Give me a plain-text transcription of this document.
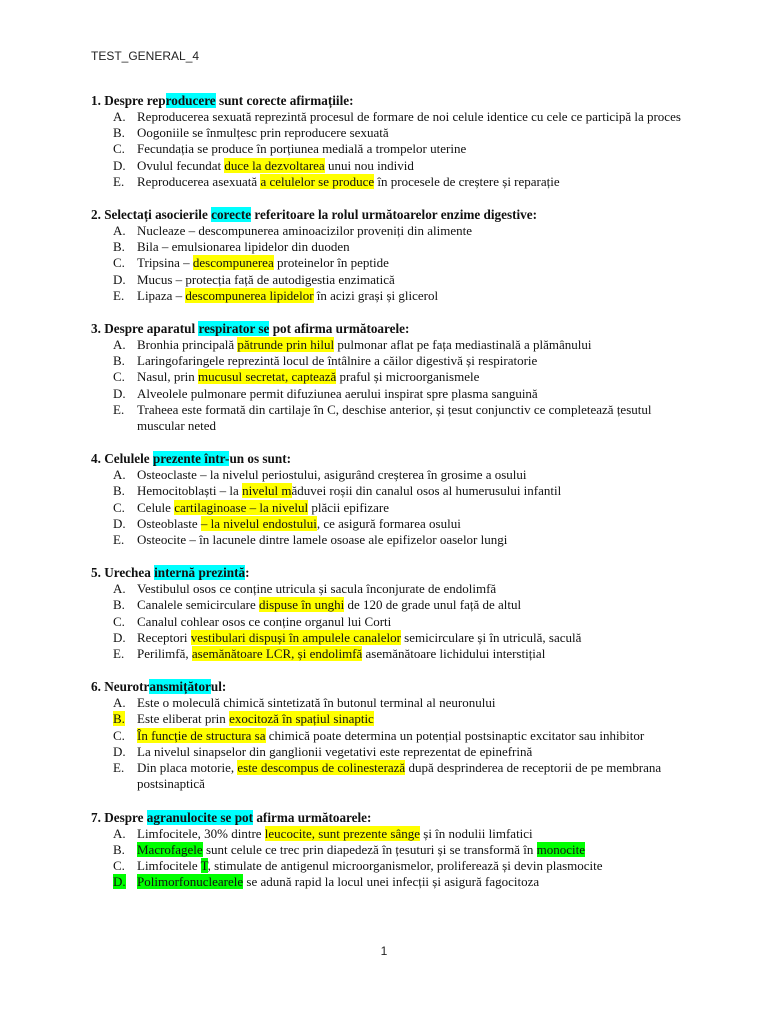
TEST_GENERAL_4
1. Despre reproducere sunt corecte afirmațiile:
A. Reproducerea sexuată reprezintă procesul de formare de noi celule identice cu cele ce participă la proces
B. Oogoniile se înmulțesc prin reproducere sexuată
C. Fecundația se produce în porțiunea medială a trompelor uterine
D. Ovulul fecundat duce la dezvoltarea unui nou individ
E. Reproducerea asexuată a celulelor se produce în procesele de creștere și reparație
2. Selectați asocierile corecte referitoare la rolul următoarelor enzime digestive:
A. Nucleaze – descompunerea aminoacizilor proveniți din alimente
B. Bila – emulsionarea lipidelor din duoden
C. Tripsina – descompunerea proteinelor în peptide
D. Mucus – protecția față de autodigestia enzimatică
E. Lipaza – descompunerea lipidelor în acizi grași și glicerol
3. Despre aparatul respirator se pot afirma următoarele:
A. Bronhia principală pătrunde prin hilul pulmonar aflat pe fața mediastinală a plămânului
B. Laringofaringele reprezintă locul de întâlnire a căilor digestivă și respiratorie
C. Nasul, prin mucusul secretat, captează praful și microorganismele
D. Alveolele pulmonare permit difuziunea aerului inspirat spre plasma sanguină
E. Traheea este formată din cartilaje în C, deschise anterior, și țesut conjunctiv ce completează țesutul muscular neted
4. Celulele prezente într-un os sunt:
A. Osteoclaste – la nivelul periostului, asigurând creșterea în grosime a osului
B. Hemocitoblaști – la nivelul măduvei roșii din canalul osos al humerusului infantil
C. Celule cartilaginoase – la nivelul plăcii epifizare
D. Osteoblaste – la nivelul endostului, ce asigură formarea osului
E. Osteocite – în lacunele dintre lamele osoase ale epifizelor oaselor lungi
5. Urechea internă prezintă:
A. Vestibulul osos ce conține utricula și sacula înconjurate de endolimfă
B. Canalele semicirculare dispuse în unghi de 120 de grade unul față de altul
C. Canalul cohlear osos ce conține organul lui Corti
D. Receptori vestibulari dispuși în ampulele canalelor semicirculare și în utriculă, saculă
E. Perilimfă, asemănătoare LCR, și endolimfă asemănătoare lichidului interstițial
6. Neurotransmițătorul:
A. Este o moleculă chimică sintetizată în butonul terminal al neuronului
B. Este eliberat prin exocitoză în spațiul sinaptic
C. În funcție de structura sa chimică poate determina un potențial postsinaptic excitator sau inhibitor
D. La nivelul sinapselor din ganglionii vegetativi este reprezentat de epinefrină
E. Din placa motorie, este descompus de colinesterază după desprinderea de receptorii de pe membrana postsinaptică
7. Despre agranulocite se pot afirma următoarele:
A. Limfocitele, 30% dintre leucocite, sunt prezente sânge și în nodulii limfatici
B. Macrofagele sunt celule ce trec prin diapedeză în țesuturi și se transformă în monocite
C. Limfocitele T, stimulate de antigenul microorganismelor, proliferează și devin plasmocite
D. Polimorfonuclearele se adună rapid la locul unei infecții și asigură fagocitoza
1
